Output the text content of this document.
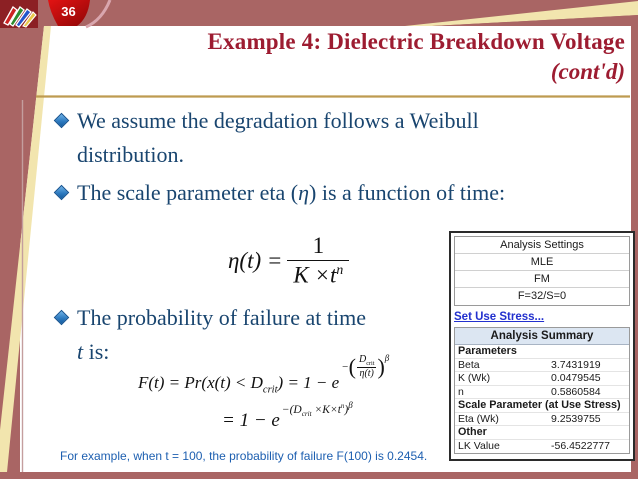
36
Example 4: Dielectric Breakdown Voltage
(cont'd)
We assume the degradation follows a Weibull
distribution.
The scale parameter eta (η) is a function of time:
$\eta(t) = \frac{1}{K \times t^n}$
The probability of failure at time
t is:
$F(t) = Pr(x(t) < D_{crit}) = 1 - e$
− ( $\frac{D_{crit}}{\eta(t)}$ ) β
= 1 − e
$-(D_{crit} \times K\times t^n)^\beta$
For example, when t = 100, the probability of failure F(100) is 0.2454.
Analysis Settings
MLE
FM
F=32/S=0
Set Use Stress...
Analysis Summary
Parameters
Beta	3.7431919
K (Wk)	0.0479545
n	0.5860584
Scale Parameter (at Use Stress)
Eta (Wk)	9.2539755
Other
LK Value	-56.4522777
